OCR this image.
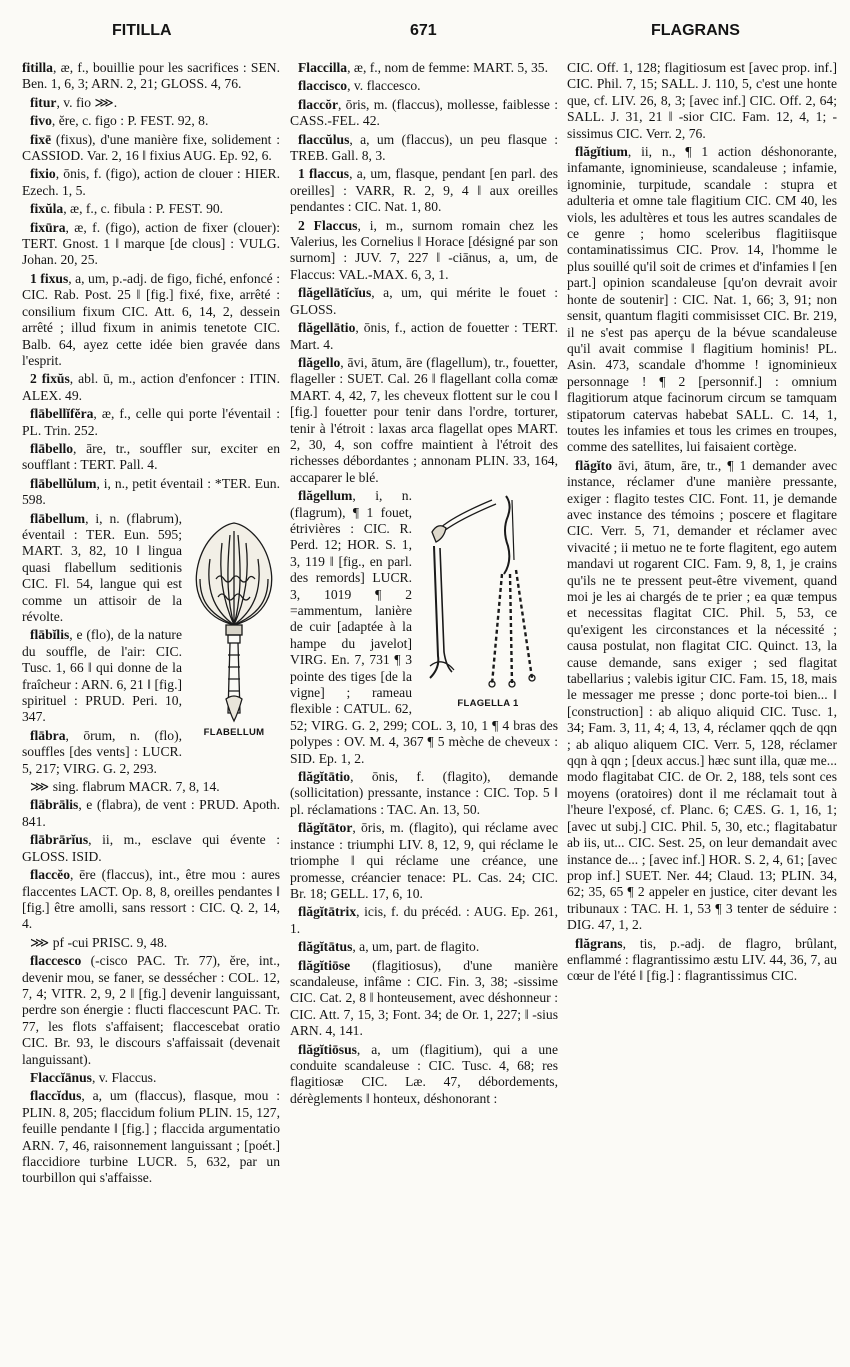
FITILLA	671	FLAGRANS

fitilla, æ, f., bouillie pour les sacrifices : SEN. Ben. 1, 6, 3; ARN. 2, 21; GLOSS. 4, 76.

fitur, v. fio ⋙.

fivo, ĕre, c. figo : P. FEST. 92, 8.

fixē (fixus), d'une manière fixe, solidement : CASSIOD. Var. 2, 16 ‖ fixius AUG. Ep. 92, 6.

fixio, ōnis, f. (figo), action de clouer : HIER. Ezech. 1, 5.

fixŭla, æ, f., c. fibula : P. FEST. 90.

fixūra, æ, f. (figo), action de fixer (clouer): TERT. Gnost. 1 ‖ marque [de clous] : VULG. Johan. 20, 25.

1 fixus, a, um, p.-adj. de figo, fiché, enfoncé : CIC. Rab. Post. 25 ‖ [fig.] fixé, fixe, arrêté : consilium fixum CIC. Att. 6, 14, 2, dessein arrêté ; illud fixum in animis tenetote CIC. Balb. 64, ayez cette idée bien gravée dans l'esprit.

2 fixŭs, abl. ū, m., action d'enfoncer : ITIN. ALEX. 49.

flābellĭfĕra, æ, f., celle qui porte l'éventail : PL. Trin. 252.

flābello, āre, tr., souffler sur, exciter en soufflant : TERT. Pall. 4.

flābellŭlum, i, n., petit éventail : *TER. Eun. 598.

FLABELLUM

flābellum, i, n. (flabrum), éventail : TER. Eun. 595; MART. 3, 82, 10 ‖ lingua quasi flabellum seditionis CIC. Fl. 54, langue qui est comme un attisoir de la révolte.

flābĭlis, e (flo), de la nature du souffle, de l'air: CIC. Tusc. 1, 66 ‖ qui donne de la fraîcheur : ARN. 6, 21 ‖ [fig.] spirituel : PRUD. Peri. 10, 347.

flābra, ōrum, n. (flo), souffles [des vents] : LUCR. 5, 217; VIRG. G. 2, 293.

⋙ sing. flabrum MACR. 7, 8, 14.

flābrālis, e (flabra), de vent : PRUD. Apoth. 841.

flābrārĭus, ii, m., esclave qui évente : GLOSS. ISID.

flaccĕo, ēre (flaccus), int., être mou : aures flaccentes LACT. Op. 8, 8, oreilles pendantes ‖ [fig.] être amolli, sans ressort : CIC. Q. 2, 14, 4.

⋙ pf -cui PRISC. 9, 48.

flaccesco (-cisco PAC. Tr. 77), ĕre, int., devenir mou, se faner, se dessécher : COL. 12, 7, 4; VITR. 2, 9, 2 ‖ [fig.] devenir languissant, perdre son énergie : flucti flaccescunt PAC. Tr. 77, les flots s'affaisent; flaccescebat oratio CIC. Br. 93, le discours s'affaissait (devenait languissant).

Flaccĭānus, v. Flaccus.

flaccĭdus, a, um (flaccus), flasque, mou : PLIN. 8, 205; flaccidum folium PLIN. 15, 127, feuille pendante ‖ [fig.] ; flaccida argumentatio ARN. 7, 46, raisonnement languissant ; [poét.] flaccidiore turbine LUCR. 5, 632, par un tourbillon qui s'affaisse.

Flaccilla, æ, f., nom de femme: MART. 5, 35.

flaccisco, v. flaccesco.

flaccŏr, ōris, m. (flaccus), mollesse, faiblesse : CASS.-FEL. 42.

flaccŭlus, a, um (flaccus), un peu flasque : TREB. Gall. 8, 3.

1 flaccus, a, um, flasque, pendant [en parl. des oreilles] : VARR, R. 2, 9, 4 ‖ aux oreilles pendantes : CIC. Nat. 1, 80.

2 Flaccus, i, m., surnom romain chez les Valerius, les Cornelius ‖ Horace [désigné par son surnom] : JUV. 7, 227 ‖ -ciānus, a, um, de Flaccus: VAL.-MAX. 6, 3, 1.

flăgellātĭcĭus, a, um, qui mérite le fouet : GLOSS.

flăgellātio, ōnis, f., action de fouetter : TERT. Mart. 4.

flăgello, āvi, ātum, āre (flagellum), tr., fouetter, flageller : SUET. Cal. 26 ‖ flagellant colla comæ MART. 4, 42, 7, les cheveux flottent sur le cou ‖ [fig.] fouetter pour tenir dans l'ordre, torturer, tenir à l'étroit : laxas arca flagellat opes MART. 2, 30, 4, son coffre maintient à l'étroit des richesses débordantes ; annonam PLIN. 33, 164, accaparer le blé.

FLAGELLA 1

flăgellum, i, n. (flagrum), ¶ 1 fouet, étrivières : CIC. R. Perd. 12; HOR. S. 1, 3, 119 ‖ [fig., en parl. des remords] LUCR. 3, 1019 ¶ 2 =ammentum, lanière de cuir [adaptée à la hampe du javelot] VIRG. En. 7, 731 ¶ 3 pointe des tiges [de la vigne] ; rameau flexible : CATUL. 62, 52; VIRG. G. 2, 299; COL. 3, 10, 1 ¶ 4 bras des polypes : OV. M. 4, 367 ¶ 5 mèche de cheveux : SID. Ep. 1, 2.

flăgĭtātio, ōnis, f. (flagito), demande (sollicitation) pressante, instance : CIC. Top. 5 ‖ pl. réclamations : TAC. An. 13, 50.

flăgĭtātor, ōris, m. (flagito), qui réclame avec instance : triumphi LIV. 8, 12, 9, qui réclame le triomphe ‖ qui réclame une créance, une promesse, créancier tenace: PL. Cas. 24; CIC. Br. 18; GELL. 17, 6, 10.

flăgĭtātrix, icis, f. du précéd. : AUG. Ep. 261, 1.

flăgĭtātus, a, um, part. de flagito.

flăgĭtiōse (flagitiosus), d'une manière scandaleuse, infâme : CIC. Fin. 3, 38; -sissime CIC. Cat. 2, 8 ‖ honteusement, avec déshonneur : CIC. Att. 7, 15, 3; Font. 34; de Or. 1, 227; ‖ -sius ARN. 4, 141.

flăgĭtiōsus, a, um (flagitium), qui a une conduite scandaleuse : CIC. Tusc. 4, 68; res flagitiosæ CIC. Læ. 47, débordements, dérèglements ‖ honteux, déshonorant :

CIC. Off. 1, 128; flagitiosum est [avec prop. inf.] CIC. Phil. 7, 15; SALL. J. 110, 5, c'est une honte que, cf. LIV. 26, 8, 3; [avec inf.] CIC. Off. 2, 64; SALL. J. 31, 21 ‖ -sior CIC. Fam. 12, 4, 1; -sissimus CIC. Verr. 2, 76.

flăgĭtium, ii, n., ¶ 1 action déshonorante, infamante, ignominieuse, scandaleuse ; infamie, ignominie, turpitude, scandale : stupra et adulteria et omne tale flagitium CIC. CM 40, les viols, les adultères et tous les autres scandales de ce genre ; homo sceleribus flagitiisque contaminatissimus CIC. Prov. 14, l'homme le plus souillé qu'il soit de crimes et d'infamies ‖ [en part.] opinion scandaleuse [qu'on devrait avoir honte de soutenir] : CIC. Nat. 1, 66; 3, 91; non sensit, quantum flagiti commisisset CIC. Br. 219, il ne s'est pas aperçu de la bévue scandaleuse qu'il avait commise ‖ flagitium hominis! PL. Asin. 473, scandale d'homme ! ignominieux personnage ! ¶ 2 [personnif.] : omnium flagitiorum atque facinorum circum se tamquam stipatorum catervas habebat SALL. C. 14, 1, toutes les infamies et tous les crimes en troupes, comme des satellites, lui faisaient cortège.

flăgĭto āvi, ātum, āre, tr., ¶ 1 demander avec instance, réclamer d'une manière pressante, exiger : flagito testes CIC. Font. 11, je demande avec instance des témoins ; poscere et flagitare CIC. Verr. 5, 71, demander et réclamer avec vivacité ; ii metuo ne te forte flagitent, ego autem mandavi ut rogarent CIC. Fam. 9, 8, 1, je crains qu'ils ne te pressent peut-être vivement, quand moi je les ai chargés de te prier ; ea quæ tempus et necessitas flagitat CIC. Phil. 5, 53, ce qu'exigent les circonstances et la nécessité ; causa postulat, non flagitat CIC. Quinct. 13, la cause demande, sans exiger ; sed flagitat tabellarius ; valebis igitur CIC. Fam. 15, 18, mais le messager me presse ; donc porte-toi bien... ‖ [construction] : ab aliquo aliquid CIC. Tusc. 1, 34; Fam. 3, 11, 4; 4, 13, 4, réclamer qqch de qqn ; ab aliquo aliquem CIC. Verr. 5, 128, réclamer qqn à qqn ; [deux accus.] hæc sunt illa, quæ me... modo flagitabat CIC. de Or. 2, 188, tels sont ces moyens (oratoires) dont il me réclamait tout à l'heure l'exposé, cf. Planc. 6; CÆS. G. 1, 16, 1; [avec ut subj.] CIC. Phil. 5, 30, etc.; flagitabatur ab iis, ut... CIC. Sest. 25, on leur demandait avec instance de... ; [avec inf.] HOR. S. 2, 4, 61; [avec prop inf.] SUET. Ner. 44; Claud. 13; PLIN. 34, 62; 35, 65 ¶ 2 appeler en justice, citer devant les tribunaux : TAC. H. 1, 53 ¶ 3 tenter de séduire : DIG. 47, 1, 2.

flăgrans, tis, p.-adj. de flagro, brûlant, enflammé : flagrantissimo æstu LIV. 44, 36, 7, au cœur de l'été ‖ [fig.] : flagrantissimus CIC.
